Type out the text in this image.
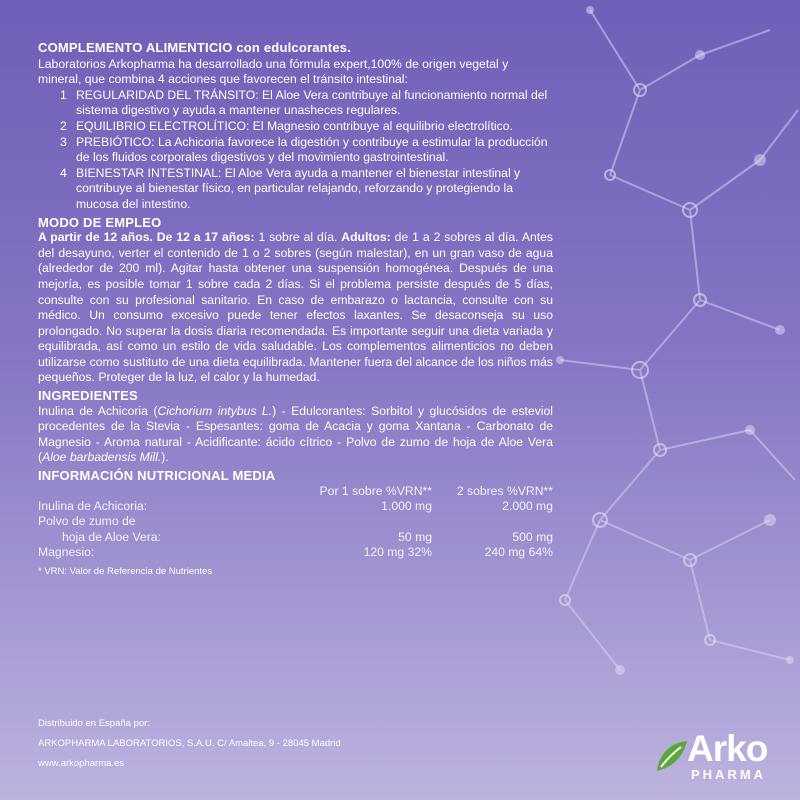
COMPLEMENTO ALIMENTICIO con edulcorantes.
Laboratorios Arkopharma ha desarrollado una fórmula expert,100% de origen vegetal y mineral, que combina 4 acciones que favorecen el tránsito intestinal:

1 REGULARIDAD DEL TRÁNSITO: El Aloe Vera contribuye al funcionamiento normal del sistema digestivo y ayuda a mantener unasheces regulares.
2 EQUILIBRIO ELECTROLÍTICO: El Magnesio contribuye al equilibrio electrolítico.
3 PREBIÓTICO: La Achicoria favorece la digestión y contribuye a estimular la producción de los fluidos corporales digestivos y del movimiento gastrointestinal.
4 BIENESTAR INTESTINAL: El Aloe Vera ayuda a mantener el bienestar intestinal y contribuye al bienestar físico, en particular relajando, reforzando y protegiendo la mucosa del intestino.
MODO DE EMPLEO

A partir de 12 años. De 12 a 17 años: 1 sobre al día. Adultos: de 1 a 2 sobres al día. Antes del desayuno, verter el contenido de 1 o 2 sobres (según malestar), en un gran vaso de agua (alrededor de 200 ml). Agitar hasta obtener una suspensión homogénea. Después de una mejoría, es posible tomar 1 sobre cada 2 días. Si el problema persiste después de 5 días, consulte con su profesional sanitario. En caso de embarazo o lactancia, consulte con su médico. Un consumo excesivo puede tener efectos laxantes. Se desaconseja su uso prolongado. No superar la dosis diaria recomendada. Es importante seguir una dieta variada y equilibrada, así como un estilo de vida saludable. Los complementos alimenticios no deben utilizarse como sustituto de una dieta equilibrada. Mantener fuera del alcance de los niños más pequeños. Proteger de la luz, el calor y la humedad.

INGREDIENTES

Inulina de Achicoria (Cichorium intybus L.) - Edulcorantes: Sorbitol y glucósidos de esteviol procedentes de la Stevia - Espesantes: goma de Acacia y goma Xantana - Carbonato de Magnesio - Aroma natural - Acidificante: ácido cítrico - Polvo de zumo de hoja de Aloe Vera (Aloe barbadensis Mill.).

INFORMACIÓN NUTRICIONAL MEDIA
	Por 1 sobre %VRN**	2 sobres %VRN**
Inulina de Achicoria:	1.000 mg	2.000 mg
Polvo de zumo de		
hoja de Aloe Vera:	50 mg	500 mg
Magnesio:	120 mg 32%	240 mg 64%
* VRN: Valor de Referencia de Nutrientes
Distribuido en España por:
ARKOPHARMA LABORATORIOS, S.A.U. C/ Amaltea, 9 - 28045 Madrid
www.arkopharma.es	Arko
PHARMA
